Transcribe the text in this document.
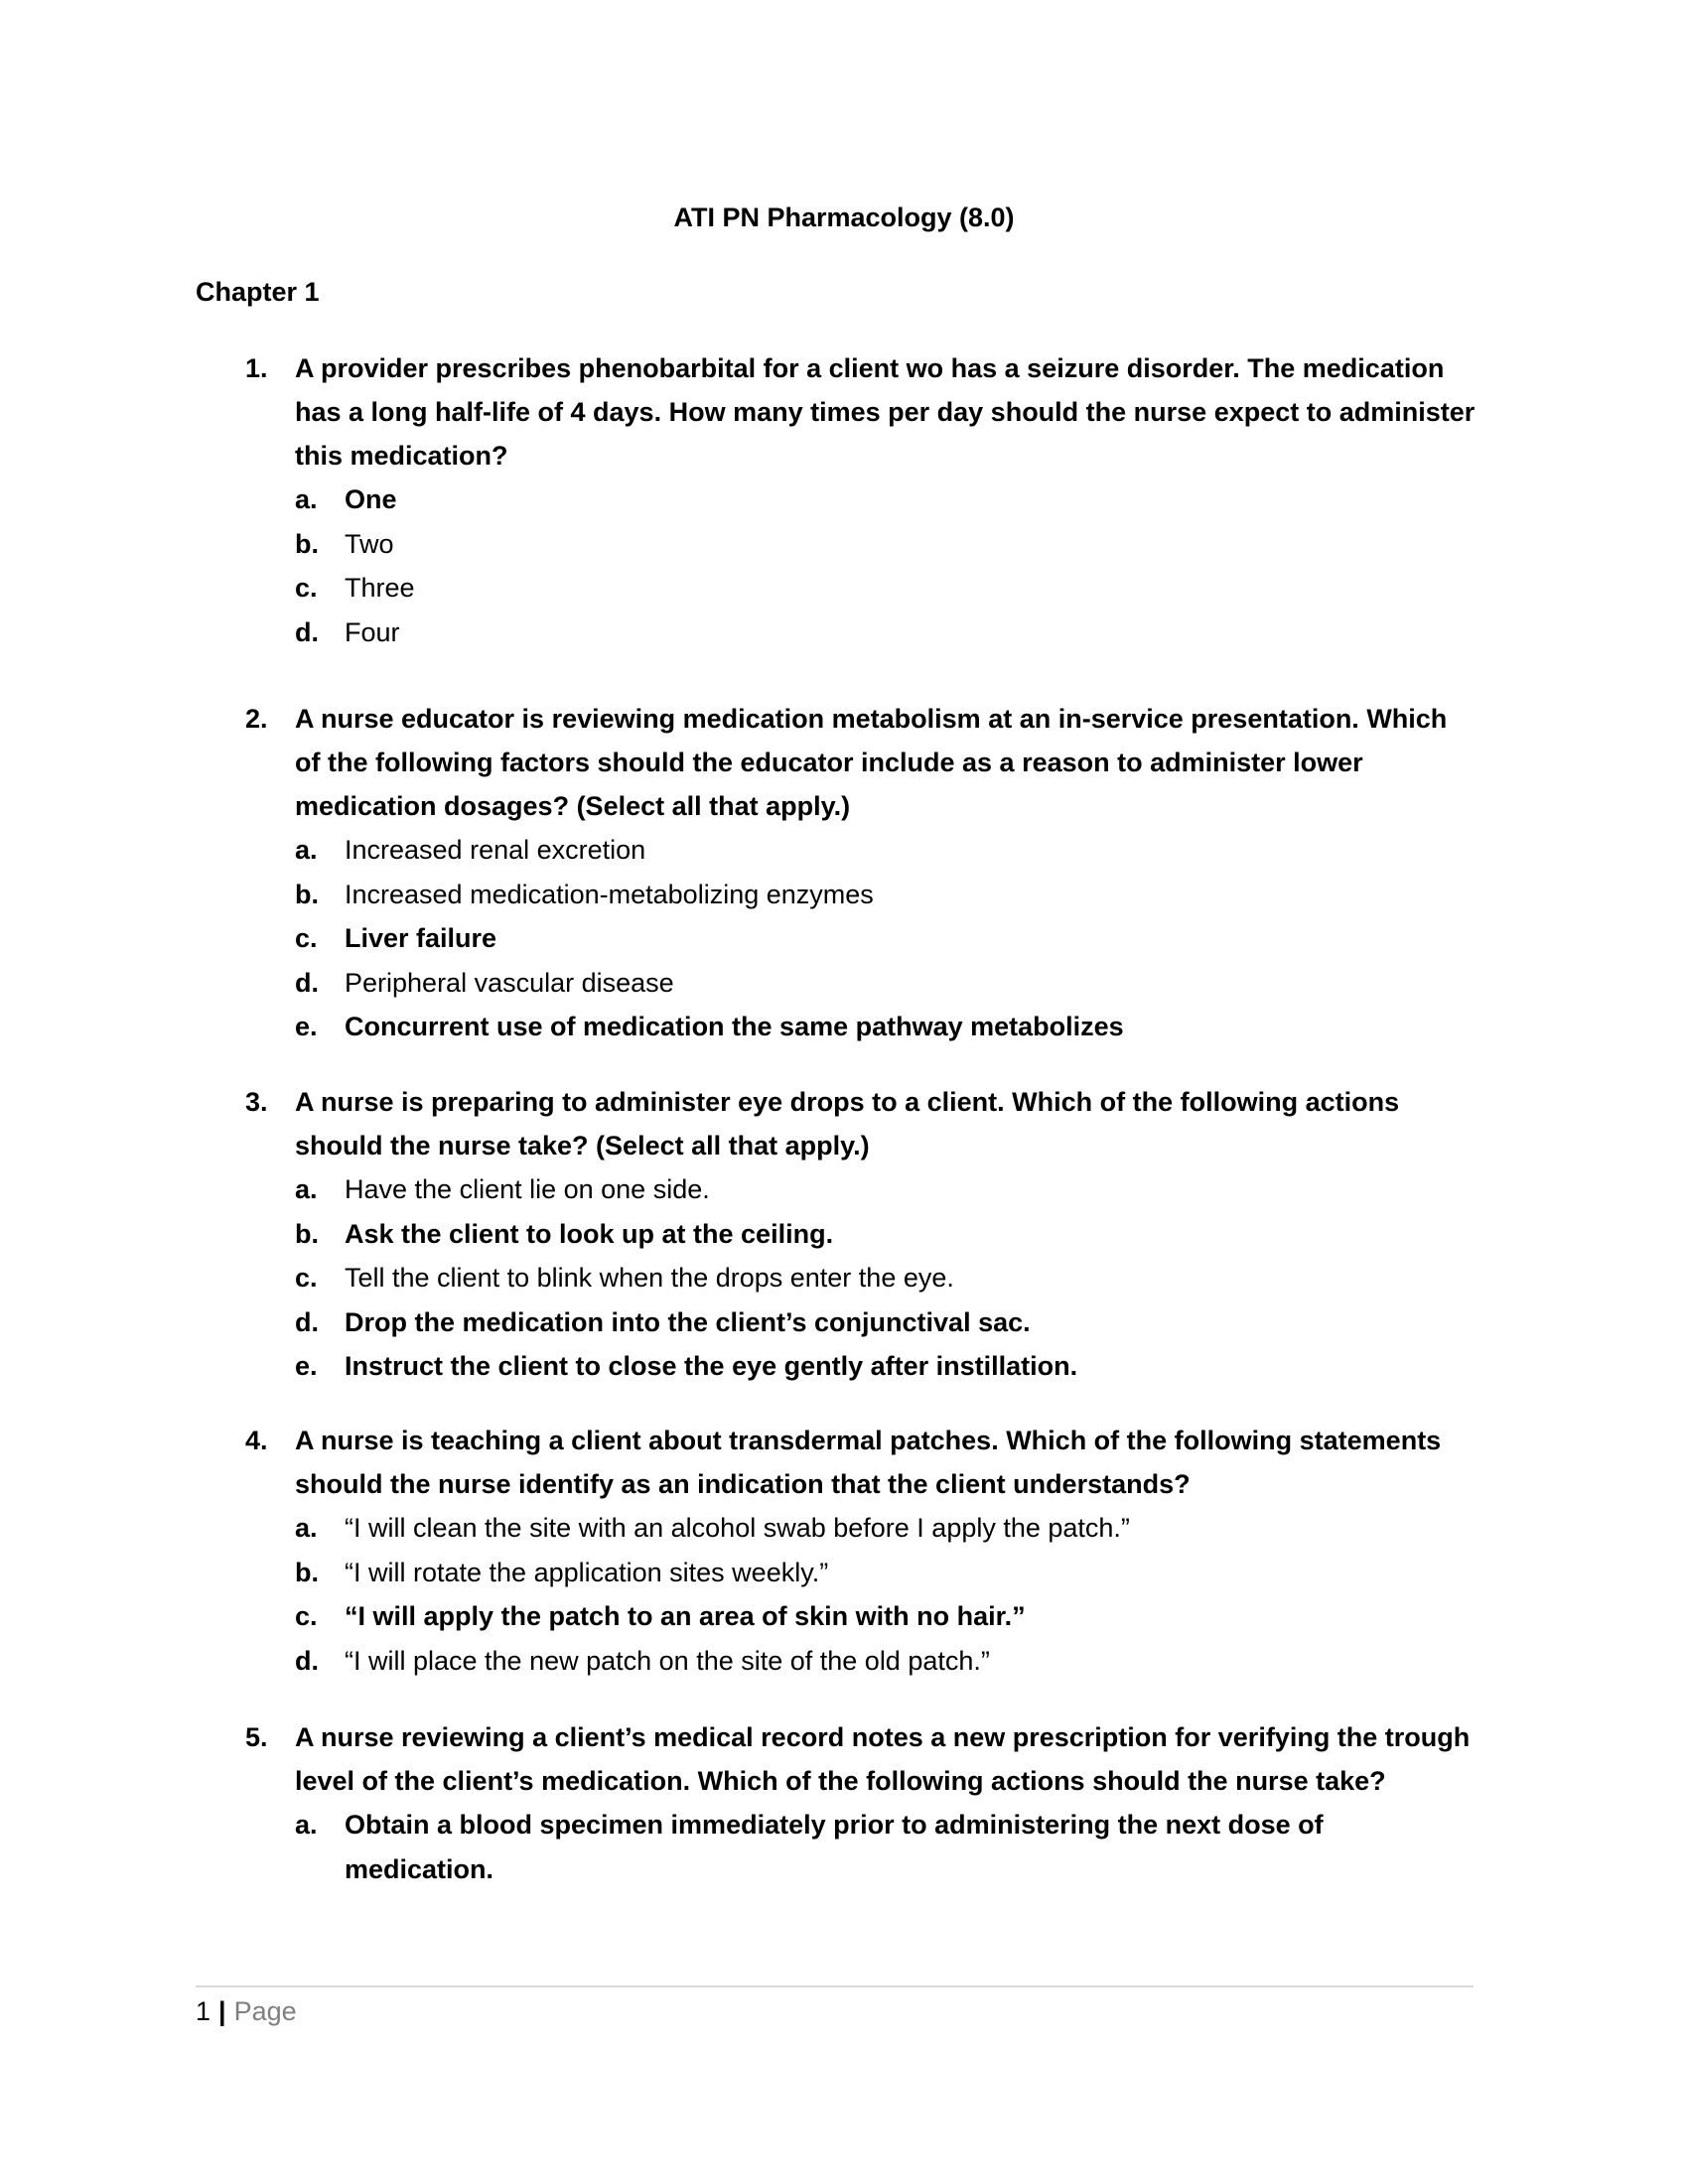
ATI PN Pharmacology (8.0)
Chapter 1
1. A provider prescribes phenobarbital for a client wo has a seizure disorder. The medication has a long half-life of 4 days. How many times per day should the nurse expect to administer this medication?
a. One
b. Two
c. Three
d. Four
2. A nurse educator is reviewing medication metabolism at an in-service presentation. Which of the following factors should the educator include as a reason to administer lower medication dosages? (Select all that apply.)
a. Increased renal excretion
b. Increased medication-metabolizing enzymes
c. Liver failure
d. Peripheral vascular disease
e. Concurrent use of medication the same pathway metabolizes
3. A nurse is preparing to administer eye drops to a client. Which of the following actions should the nurse take? (Select all that apply.)
a. Have the client lie on one side.
b. Ask the client to look up at the ceiling.
c. Tell the client to blink when the drops enter the eye.
d. Drop the medication into the client’s conjunctival sac.
e. Instruct the client to close the eye gently after instillation.
4. A nurse is teaching a client about transdermal patches. Which of the following statements should the nurse identify as an indication that the client understands?
a. “I will clean the site with an alcohol swab before I apply the patch.”
b. “I will rotate the application sites weekly.”
c. “I will apply the patch to an area of skin with no hair.”
d. “I will place the new patch on the site of the old patch.”
5. A nurse reviewing a client’s medical record notes a new prescription for verifying the trough level of the client’s medication. Which of the following actions should the nurse take?
a. Obtain a blood specimen immediately prior to administering the next dose of medication.
1 | Page
